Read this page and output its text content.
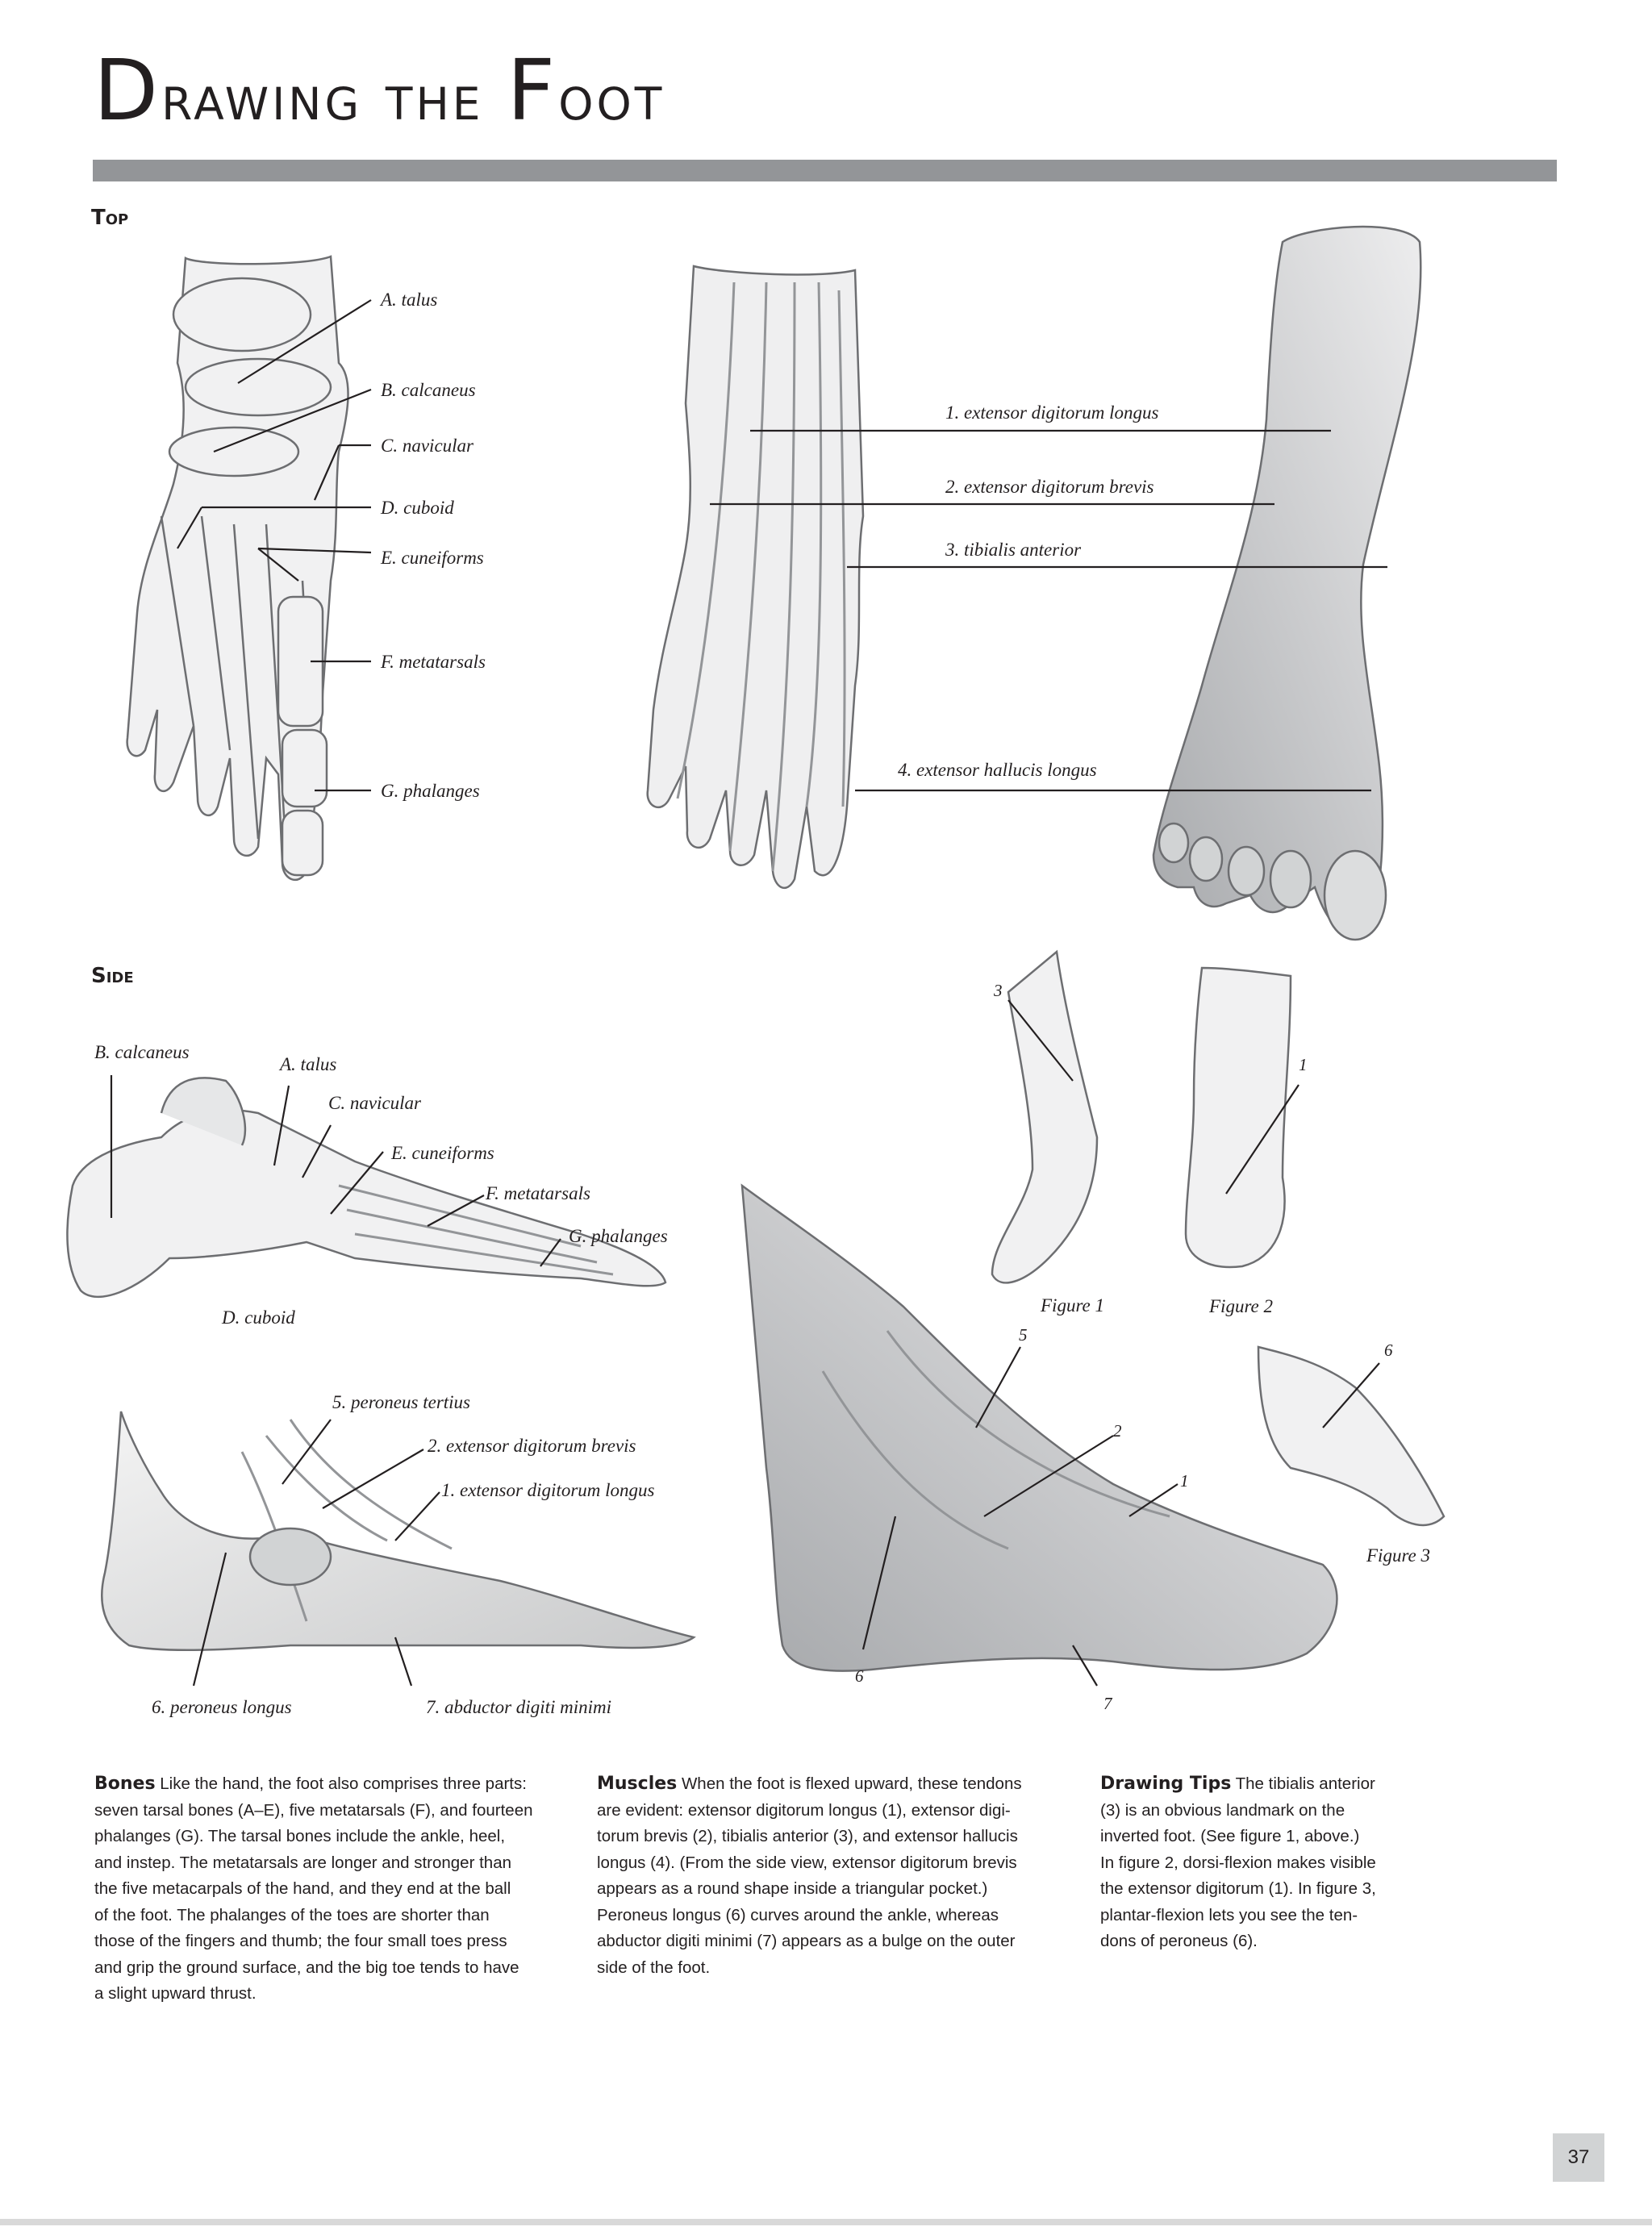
Drawing the Foot
Top
Side
A. talus
B. calcaneus
C. navicular
D. cuboid
E. cuneiforms
F. metatarsals
G. phalanges
1. extensor digitorum longus
2. extensor digitorum brevis
3. tibialis anterior
4. extensor hallucis longus
B. calcaneus
A. talus
C. navicular
E. cuneiforms
F. metatarsals
G. phalanges
D. cuboid
5. peroneus tertius
2. extensor digitorum brevis
1. extensor digitorum longus
6. peroneus longus	7. abductor digiti minimi
3
1
Figure 1	Figure 2
5
6
2
1
Figure 3
6
7
Bones Like the hand, the foot also comprises three parts:
seven tarsal bones (A–E), five metatarsals (F), and fourteen
phalanges (G). The tarsal bones include the ankle, heel,
and instep. The metatarsals are longer and stronger than
the five metacarpals of the hand, and they end at the ball
of the foot. The phalanges of the toes are shorter than
those of the fingers and thumb; the four small toes press
and grip the ground surface, and the big toe tends to have
a slight upward thrust.
Muscles When the foot is flexed upward, these tendons
are evident: extensor digitorum longus (1), extensor digi-
torum brevis (2), tibialis anterior (3), and extensor hallucis
longus (4). (From the side view, extensor digitorum brevis
appears as a round shape inside a triangular pocket.)
Peroneus longus (6) curves around the ankle, whereas
abductor digiti minimi (7) appears as a bulge on the outer
side of the foot.
Drawing Tips The tibialis anterior
(3) is an obvious landmark on the
inverted foot. (See figure 1, above.)
In figure 2, dorsi-flexion makes visible
the extensor digitorum (1). In figure 3,
plantar-flexion lets you see the ten-
dons of peroneus (6).
37
